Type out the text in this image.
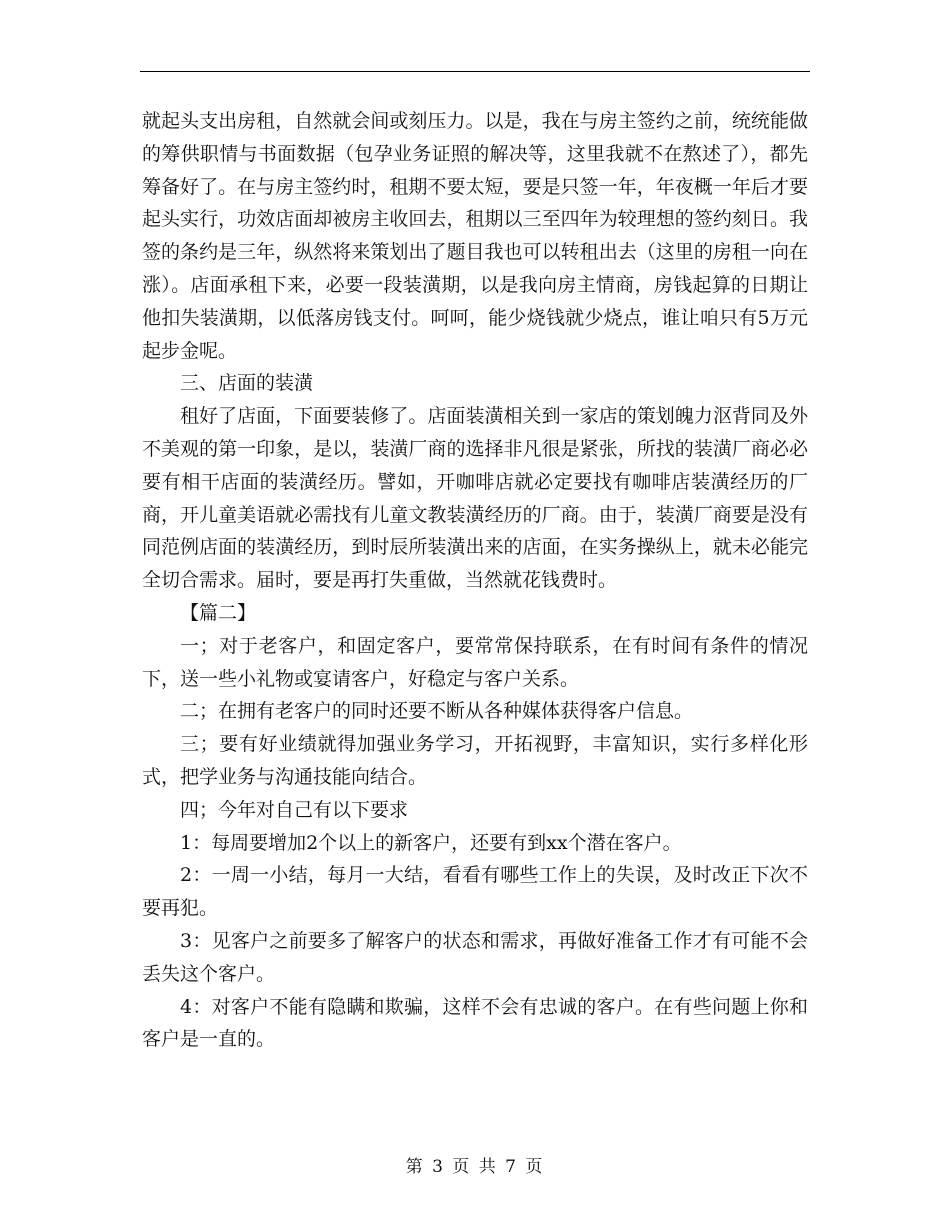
就起头支出房租，自然就会间或刻压力。以是，我在与房主签约之前，统统能做的筹供职情与书面数据（包孕业务证照的解决等，这里我就不在熬述了），都先筹备好了。在与房主签约时，租期不要太短，要是只签一年，年夜概一年后才要起头实行，功效店面却被房主收回去，租期以三至四年为较理想的签约刻日。我签的条约是三年，纵然将来策划出了题目我也可以转租出去（这里的房租一向在涨）。店面承租下来，必要一段装潢期，以是我向房主情商，房钱起算的日期让他扣失装潢期，以低落房钱支付。呵呵，能少烧钱就少烧点，谁让咱只有5万元起步金呢。

三、店面的装潢

租好了店面，下面要装修了。店面装潢相关到一家店的策划魄力沤背同及外不美观的第一印象，是以，装潢厂商的选择非凡很是紧张，所找的装潢厂商必必要有相干店面的装潢经历。譬如，开咖啡店就必定要找有咖啡店装潢经历的厂商，开儿童美语就必需找有儿童文教装潢经历的厂商。由于，装潢厂商要是没有同范例店面的装潢经历，到时辰所装潢出来的店面，在实务操纵上，就未必能完全切合需求。届时，要是再打失重做，当然就花钱费时。

【篇二】

一；对于老客户，和固定客户，要常常保持联系，在有时间有条件的情况下，送一些小礼物或宴请客户，好稳定与客户关系。

二；在拥有老客户的同时还要不断从各种媒体获得客户信息。

三；要有好业绩就得加强业务学习，开拓视野，丰富知识，实行多样化形式，把学业务与沟通技能向结合。

四；今年对自己有以下要求

1：每周要增加2个以上的新客户，还要有到xx个潜在客户。

2：一周一小结，每月一大结，看看有哪些工作上的失误，及时改正下次不要再犯。

3：见客户之前要多了解客户的状态和需求，再做好准备工作才有可能不会丢失这个客户。

4：对客户不能有隐瞒和欺骗，这样不会有忠诚的客户。在有些问题上你和客户是一直的。

第 3 页 共 7 页
